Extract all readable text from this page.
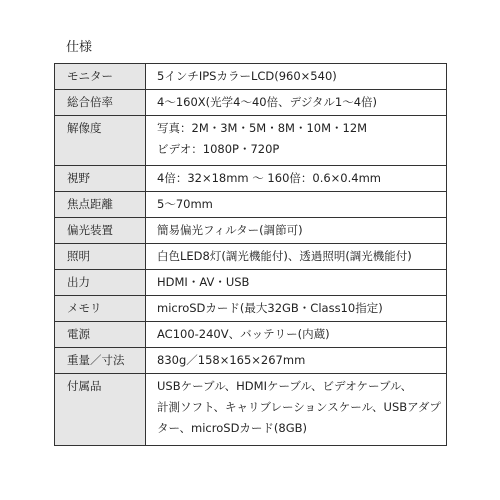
仕様
モニター	5インチIPSカラーLCD(960×540)

総合倍率	4〜160X(光学4〜40倍、デジタル1〜4倍)

解像度	写真：2M・3M・5M・8M・10M・12M
ビデオ：1080P・720P

視野	4倍：32×18mm 〜 160倍：0.6×0.4mm

焦点距離	5〜70mm

偏光装置	簡易偏光フィルター(調節可)

照明	白色LED8灯(調光機能付)、透過照明(調光機能付)

出力	HDMI・AV・USB

メモリ	microSDカード(最大32GB・Class10指定)

電源	AC100-240V、バッテリー(内蔵)

重量／寸法	830g／158×165×267mm

付属品	USBケーブル、HDMIケーブル、ビデオケーブル、
計測ソフト、キャリブレーションスケール、USBアダプ
ター、microSDカード(8GB)
